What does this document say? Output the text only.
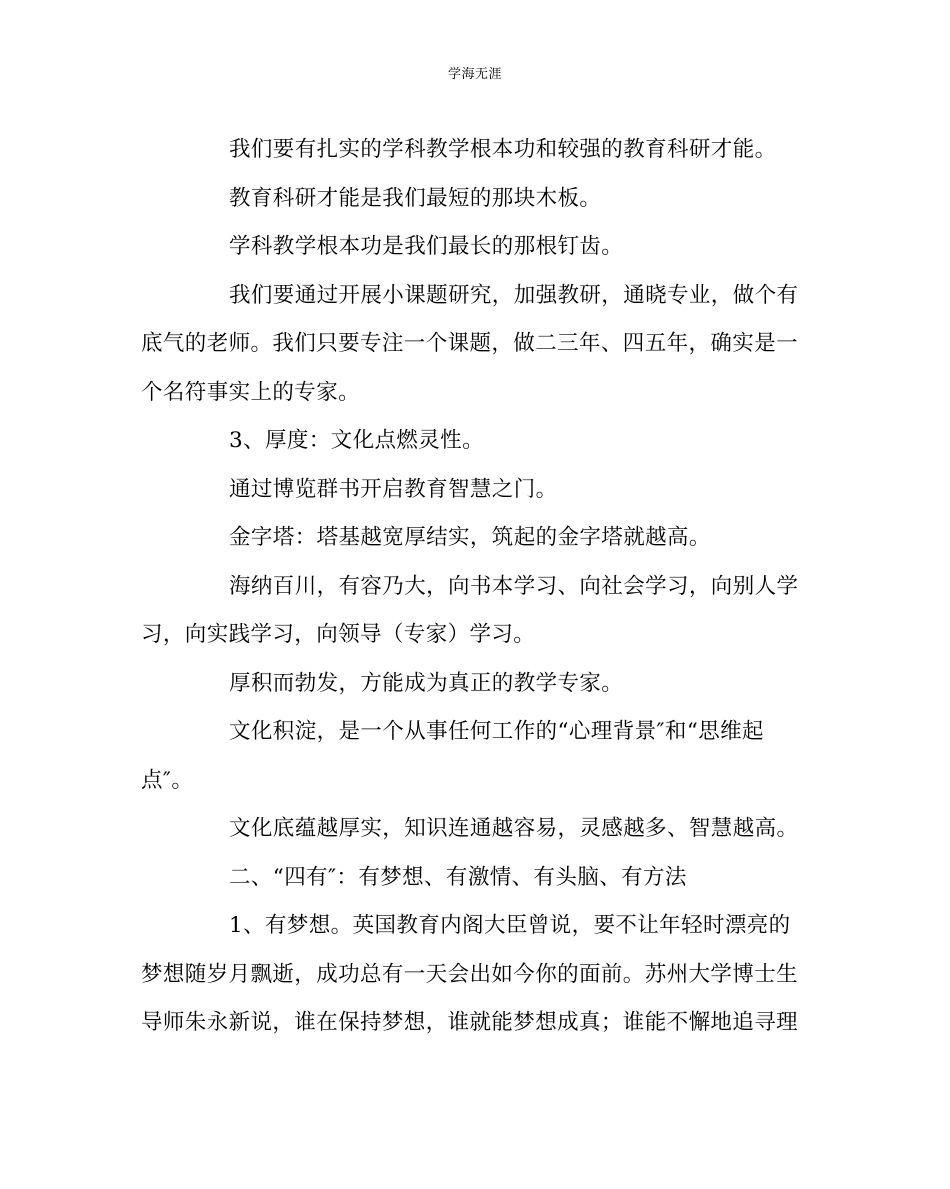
学海无涯

我们要有扎实的学科教学根本功和较强的教育科研才能。

教育科研才能是我们最短的那块木板。

学科教学根本功是我们最长的那根钉齿。

我们要通过开展小课题研究，加强教研，通晓专业，做个有底气的老师。我们只要专注一个课题，做二三年、四五年，确实是一个名符事实上的专家。

3、厚度：文化点燃灵性。

通过博览群书开启教育智慧之门。

金字塔：塔基越宽厚结实，筑起的金字塔就越高。

海纳百川，有容乃大，向书本学习、向社会学习，向别人学习，向实践学习，向领导（专家）学习。

厚积而勃发，方能成为真正的教学专家。

文化积淀，是一个从事任何工作的“心理背景″和“思维起点″。

文化底蕴越厚实，知识连通越容易，灵感越多、智慧越高。

二、“四有″：有梦想、有激情、有头脑、有方法

1、有梦想。英国教育内阁大臣曾说，要不让年轻时漂亮的梦想随岁月飘逝，成功总有一天会出如今你的面前。苏州大学博士生导师朱永新说，谁在保持梦想，谁就能梦想成真；谁能不懈地追寻理
